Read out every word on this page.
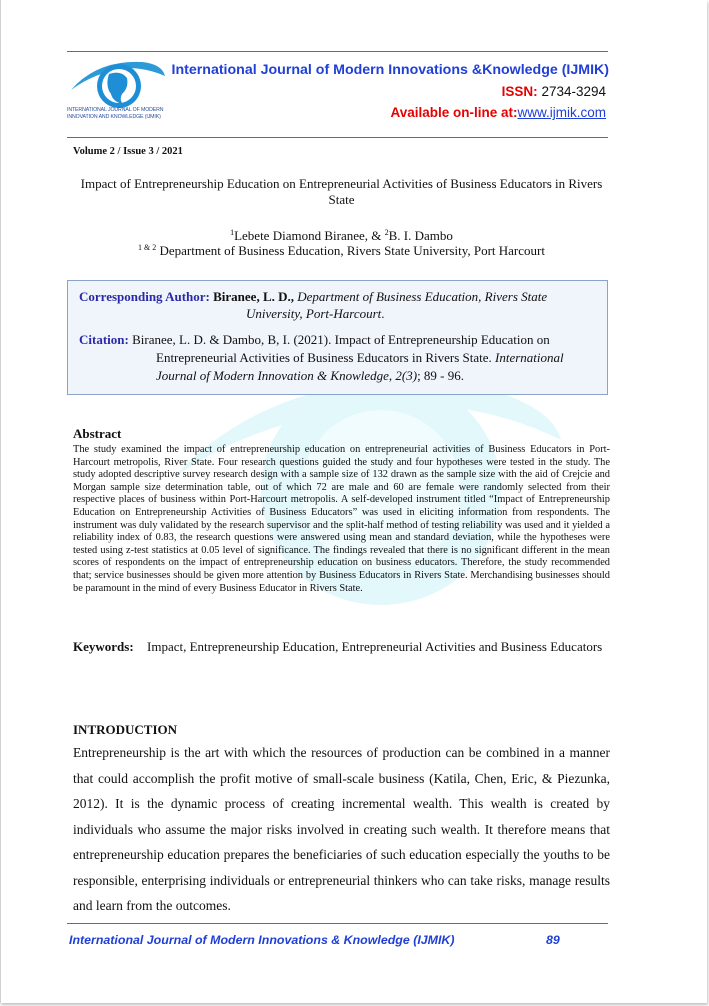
INTERNATIONAL JOURNAL OF MODERN
INNOVATION AND KNOWLEDGE (IJMIK)
International Journal of Modern Innovations &Knowledge (IJMIK)
ISSN: 2734-3294
Available on-line at:www.ijmik.com
Volume 2 / Issue 3 / 2021
Impact of Entrepreneurship Education on Entrepreneurial Activities of Business Educators in Rivers State
$^1$Lebete Diamond Biranee, & $^2$B. I. Dambo
$^{1 \& 2}$ Department of Business Education, Rivers State University, Port Harcourt
Corresponding Author: Biranee, L. D., Department of Business Education, Rivers State
University, Port-Harcourt.
Citation: Biranee, L. D. & Dambo, B, I. (2021). Impact of Entrepreneurship Education on
Entrepreneurial Activities of Business Educators in Rivers State. International
Journal of Modern Innovation & Knowledge, 2(3); 89 - 96.
Abstract
The study examined the impact of entrepreneurship education on entrepreneurial activities of Business Educators in Port-Harcourt metropolis, River State. Four research questions guided the study and four hypotheses were tested in the study. The study adopted descriptive survey research design with a sample size of 132 drawn as the sample size with the aid of Crejcie and Morgan sample size determination table, out of which 72 are male and 60 are female were randomly selected from their respective places of business within Port-Harcourt metropolis. A self-developed instrument titled “Impact of Entrepreneurship Education on Entrepreneurship Activities of Business Educators” was used in eliciting information from respondents. The instrument was duly validated by the research supervisor and the split-half method of testing reliability was used and it yielded a reliability index of 0.83, the research questions were answered using mean and standard deviation, while the hypotheses were tested using z-test statistics at 0.05 level of significance. The findings revealed that there is no significant different in the mean scores of respondents on the impact of entrepreneurship education on business educators. Therefore, the study recommended that; service businesses should be given more attention by Business Educators in Rivers State. Merchandising businesses should be paramount in the mind of every Business Educator in Rivers State.
Keywords:	Impact, Entrepreneurship Education, Entrepreneurial Activities and Business Educators
INTRODUCTION
Entrepreneurship is the art with which the resources of production can be combined in a manner that could accomplish the profit motive of small-scale business (Katila, Chen, Eric, & Piezunka, 2012). It is the dynamic process of creating incremental wealth. This wealth is created by individuals who assume the major risks involved in creating such wealth. It therefore means that entrepreneurship education prepares the beneficiaries of such education especially the youths to be responsible, enterprising individuals or entrepreneurial thinkers who can take risks, manage results and learn from the outcomes.
International Journal of Modern Innovations & Knowledge (IJMIK)	89
